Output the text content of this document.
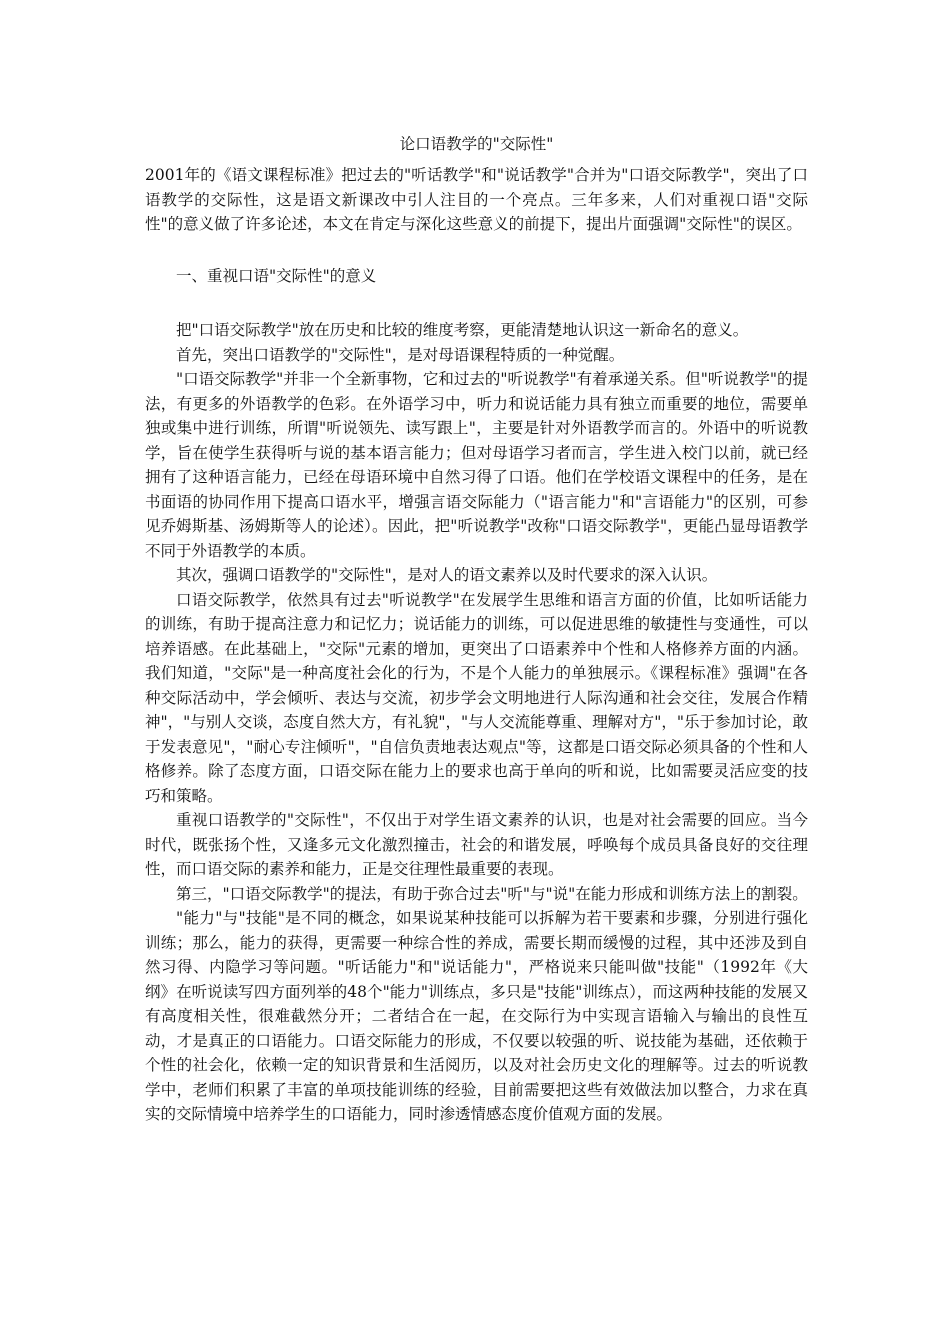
论口语教学的"交际性"

2001年的《语文课程标准》把过去的"听话教学"和"说话教学"合并为"口语交际教学"，突出了口语教学的交际性，这是语文新课改中引人注目的一个亮点。三年多来，人们对重视口语"交际性"的意义做了许多论述，本文在肯定与深化这些意义的前提下，提出片面强调"交际性"的误区。

一、重视口语"交际性"的意义

把"口语交际教学"放在历史和比较的维度考察，更能清楚地认识这一新命名的意义。

首先，突出口语教学的"交际性"，是对母语课程特质的一种觉醒。

"口语交际教学"并非一个全新事物，它和过去的"听说教学"有着承递关系。但"听说教学"的提法，有更多的外语教学的色彩。在外语学习中，听力和说话能力具有独立而重要的地位，需要单独或集中进行训练，所谓"听说领先、读写跟上"，主要是针对外语教学而言的。外语中的听说教学，旨在使学生获得听与说的基本语言能力；但对母语学习者而言，学生进入校门以前，就已经拥有了这种语言能力，已经在母语环境中自然习得了口语。他们在学校语文课程中的任务，是在书面语的协同作用下提高口语水平，增强言语交际能力（"语言能力"和"言语能力"的区别，可参见乔姆斯基、汤姆斯等人的论述）。因此，把"听说教学"改称"口语交际教学"，更能凸显母语教学不同于外语教学的本质。

其次，强调口语教学的"交际性"，是对人的语文素养以及时代要求的深入认识。

口语交际教学，依然具有过去"听说教学"在发展学生思维和语言方面的价值，比如听话能力的训练，有助于提高注意力和记忆力；说话能力的训练，可以促进思维的敏捷性与变通性，可以培养语感。在此基础上，"交际"元素的增加，更突出了口语素养中个性和人格修养方面的内涵。我们知道，"交际"是一种高度社会化的行为，不是个人能力的单独展示。《课程标准》强调"在各种交际活动中，学会倾听、表达与交流，初步学会文明地进行人际沟通和社会交往，发展合作精神"，"与别人交谈，态度自然大方，有礼貌"，"与人交流能尊重、理解对方"，"乐于参加讨论，敢于发表意见"，"耐心专注倾听"，"自信负责地表达观点"等，这都是口语交际必须具备的个性和人格修养。除了态度方面，口语交际在能力上的要求也高于单向的听和说，比如需要灵活应变的技巧和策略。

重视口语教学的"交际性"，不仅出于对学生语文素养的认识，也是对社会需要的回应。当今时代，既张扬个性，又逢多元文化激烈撞击，社会的和谐发展，呼唤每个成员具备良好的交往理性，而口语交际的素养和能力，正是交往理性最重要的表现。

第三，"口语交际教学"的提法，有助于弥合过去"听"与"说"在能力形成和训练方法上的割裂。

"能力"与"技能"是不同的概念，如果说某种技能可以拆解为若干要素和步骤，分别进行强化训练；那么，能力的获得，更需要一种综合性的养成，需要长期而缓慢的过程，其中还涉及到自然习得、内隐学习等问题。"听话能力"和"说话能力"，严格说来只能叫做"技能"（1992年《大纲》在听说读写四方面列举的48个"能力"训练点，多只是"技能"训练点），而这两种技能的发展又有高度相关性，很难截然分开；二者结合在一起，在交际行为中实现言语输入与输出的良性互动，才是真正的口语能力。口语交际能力的形成，不仅要以较强的听、说技能为基础，还依赖于个性的社会化，依赖一定的知识背景和生活阅历，以及对社会历史文化的理解等。过去的听说教学中，老师们积累了丰富的单项技能训练的经验，目前需要把这些有效做法加以整合，力求在真实的交际情境中培养学生的口语能力，同时渗透情感态度价值观方面的发展。
